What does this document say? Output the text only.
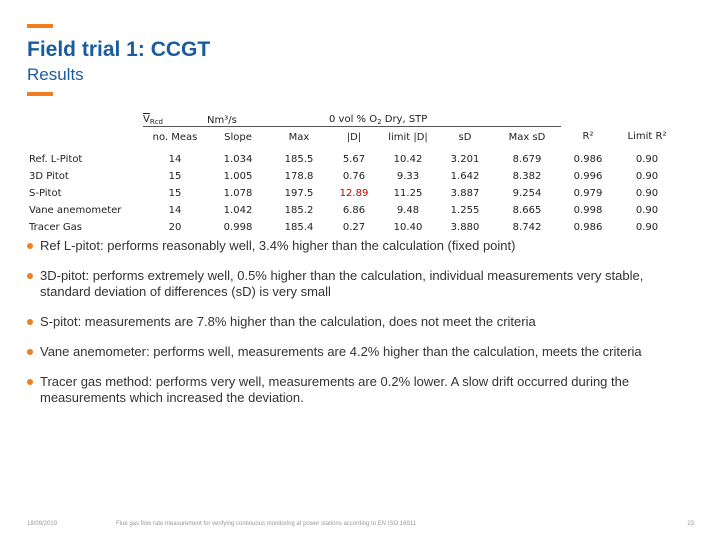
Field trial 1: CCGT
Results
	$\overline{V}_{Rcd}$	Nm³/s		0 vol % $O_2$ Dry, STP					
	no. Meas	Slope	Max	|D|	limit |D|	sD	Max sD	R²	Limit R²
Ref. L-Pitot	14	1.034	185.5	5.67	10.42	3.201	8.679	0.986	0.90
3D Pitot	15	1.005	178.8	0.76	9.33	1.642	8.382	0.996	0.90
S-Pitot	15	1.078	197.5	12.89	11.25	3.887	9.254	0.979	0.90
Vane anemometer	14	1.042	185.2	6.86	9.48	1.255	8.665	0.998	0.90
Tracer Gas	20	0.998	185.4	0.27	10.40	3.880	8.742	0.986	0.90
Ref L-pitot: performs reasonably well, 3.4% higher than the calculation (fixed point)
3D-pitot: performs extremely well, 0.5% higher than the calculation, individual measurements very stable, standard deviation of differences (sD) is very small
S-pitot: measurements are 7.8% higher than the calculation, does not meet the criteria
Vane anemometer: performs well, measurements are 4.2% higher than the calculation, meets the criteria
Tracer gas method: performs very well, measurements are 0.2% lower. A slow drift occurred during the measurements which increased the deviation.
18/09/2019	Flue gas flow rate measurement for verifying continuous monitoring at power stations according to EN ISO 16911	23
